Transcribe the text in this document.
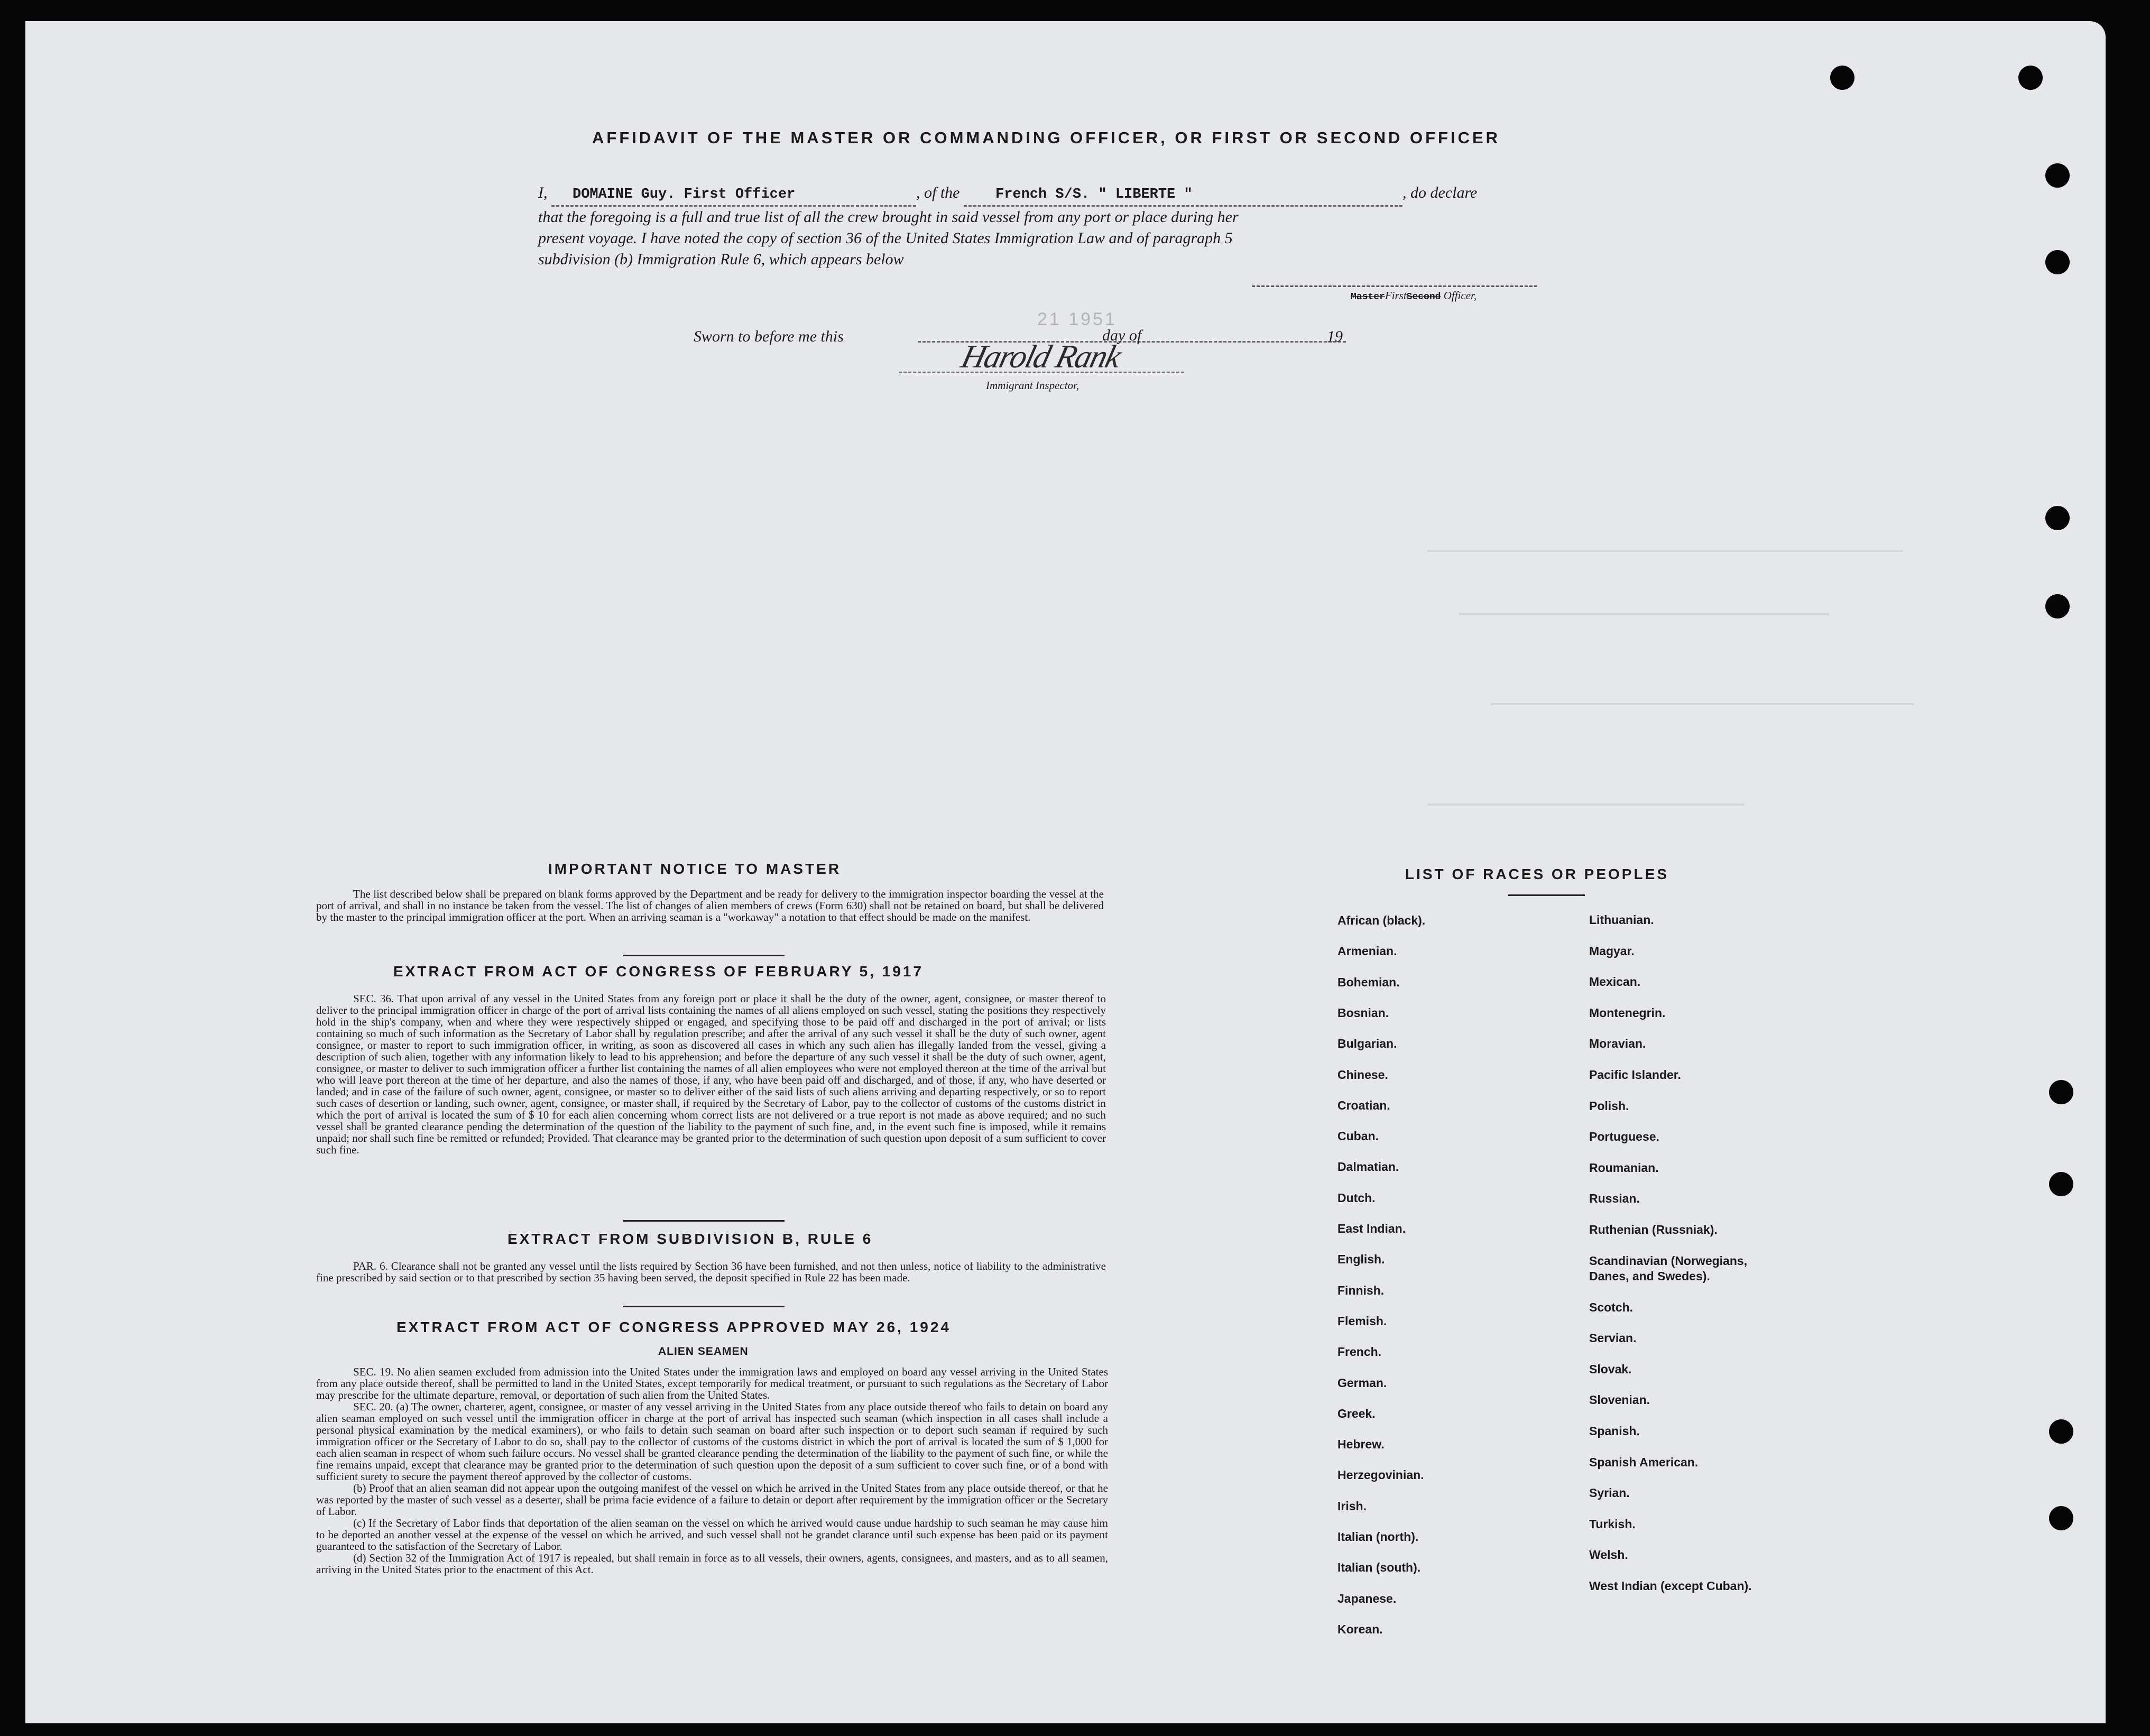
AFFIDAVIT OF THE MASTER OR COMMANDING OFFICER, OR FIRST OR SECOND OFFICER
I, DOMAINE Guy. First Officer	, of the	French S/S. " LIBERTE "	, do declare
that the foregoing is a full and true list of all the crew brought in said vessel from any port or place during her
present voyage. I have noted the copy of section 36 of the United States Immigration Law and of paragraph 5
subdivision (b) Immigration Rule 6, which appears below
MasterFirstSecond Officer,
Sworn to before me this
21 1951
day of	19
Harold Rank
Immigrant Inspector,
IMPORTANT NOTICE TO MASTER

The list described below shall be prepared on blank forms approved by the Department and be ready for delivery to the immigration inspector boarding the vessel at the port of arrival, and shall in no instance be taken from the vessel. The list of changes of alien members of crews (Form 630) shall not be retained on board, but shall be delivered by the master to the principal immigration officer at the port. When an arriving seaman is a "workaway" a notation to that effect should be made on the manifest.

EXTRACT FROM ACT OF CONGRESS OF FEBRUARY 5, 1917

SEC. 36. That upon arrival of any vessel in the United States from any foreign port or place it shall be the duty of the owner, agent, consignee, or master thereof to deliver to the principal immigration officer in charge of the port of arrival lists containing the names of all aliens employed on such vessel, stating the positions they respectively hold in the ship's company, when and where they were respectively shipped or engaged, and specifying those to be paid off and discharged in the port of arrival; or lists containing so much of such information as the Secretary of Labor shall by regulation prescribe; and after the arrival of any such vessel it shall be the duty of such owner, agent consignee, or master to report to such immigration officer, in writing, as soon as discovered all cases in which any such alien has illegally landed from the vessel, giving a description of such alien, together with any information likely to lead to his apprehension; and before the departure of any such vessel it shall be the duty of such owner, agent, consignee, or master to deliver to such immigration officer a further list containing the names of all alien employees who were not employed thereon at the time of the arrival but who will leave port thereon at the time of her departure, and also the names of those, if any, who have been paid off and discharged, and of those, if any, who have deserted or landed; and in case of the failure of such owner, agent, consignee, or master so to deliver either of the said lists of such aliens arriving and departing respectively, or so to report such cases of desertion or landing, such owner, agent, consignee, or master shall, if required by the Secretary of Labor, pay to the collector of customs of the customs district in which the port of arrival is located the sum of $ 10 for each alien concerning whom correct lists are not delivered or a true report is not made as above required; and no such vessel shall be granted clearance pending the determination of the question of the liability to the payment of such fine, and, in the event such fine is imposed, while it remains unpaid; nor shall such fine be remitted or refunded; Provided. That clearance may be granted prior to the determination of such question upon deposit of a sum sufficient to cover such fine.

EXTRACT FROM SUBDIVISION B, RULE 6

PAR. 6. Clearance shall not be granted any vessel until the lists required by Section 36 have been furnished, and not then unless, notice of liability to the administrative fine prescribed by said section or to that prescribed by section 35 having been served, the deposit specified in Rule 22 has been made.

EXTRACT FROM ACT OF CONGRESS APPROVED MAY 26, 1924
ALIEN SEAMEN

SEC. 19. No alien seamen excluded from admission into the United States under the immigration laws and employed on board any vessel arriving in the United States from any place outside thereof, shall be permitted to land in the United States, except temporarily for medical treatment, or pursuant to such regulations as the Secretary of Labor may prescribe for the ultimate departure, removal, or deportation of such alien from the United States.

SEC. 20. (a) The owner, charterer, agent, consignee, or master of any vessel arriving in the United States from any place outside thereof who fails to detain on board any alien seaman employed on such vessel until the immigration officer in charge at the port of arrival has inspected such seaman (which inspection in all cases shall include a personal physical examination by the medical examiners), or who fails to detain such seaman on board after such inspection or to deport such seaman if required by such immigration officer or the Secretary of Labor to do so, shall pay to the collector of customs of the customs district in which the port of arrival is located the sum of $ 1,000 for each alien seaman in respect of whom such failure occurs. No vessel shall be granted clearance pending the determination of the liability to the payment of such fine, or while the fine remains unpaid, except that clearance may be granted prior to the determination of such question upon the deposit of a sum sufficient to cover such fine, or of a bond with sufficient surety to secure the payment thereof approved by the collector of customs.

(b) Proof that an alien seaman did not appear upon the outgoing manifest of the vessel on which he arrived in the United States from any place outside thereof, or that he was reported by the master of such vessel as a deserter, shall be prima facie evidence of a failure to detain or deport after requirement by the immigration officer or the Secretary of Labor.

(c) If the Secretary of Labor finds that deportation of the alien seaman on the vessel on which he arrived would cause undue hardship to such seaman he may cause him to be deported an another vessel at the expense of the vessel on which he arrived, and such vessel shall not be grandet clarance until such expense has been paid or its payment guaranteed to the satisfaction of the Secretary of Labor.

(d) Section 32 of the Immigration Act of 1917 is repealed, but shall remain in force as to all vessels, their owners, agents, consignees, and masters, and as to all seamen, arriving in the United States prior to the enactment of this Act.

LIST OF RACES OR PEOPLES
African (black).
Armenian.
Bohemian.
Bosnian.
Bulgarian.
Chinese.
Croatian.
Cuban.
Dalmatian.
Dutch.
East Indian.
English.
Finnish.
Flemish.
French.
German.
Greek.
Hebrew.
Herzegovinian.
Irish.
Italian (north).
Italian (south).
Japanese.
Korean.
Lithuanian.
Magyar.
Mexican.
Montenegrin.
Moravian.
Pacific Islander.
Polish.
Portuguese.
Roumanian.
Russian.
Ruthenian (Russniak).
Scandinavian (Norwegians, Danes, and Swedes).
Scotch.
Servian.
Slovak.
Slovenian.
Spanish.
Spanish American.
Syrian.
Turkish.
Welsh.
West Indian (except Cuban).
